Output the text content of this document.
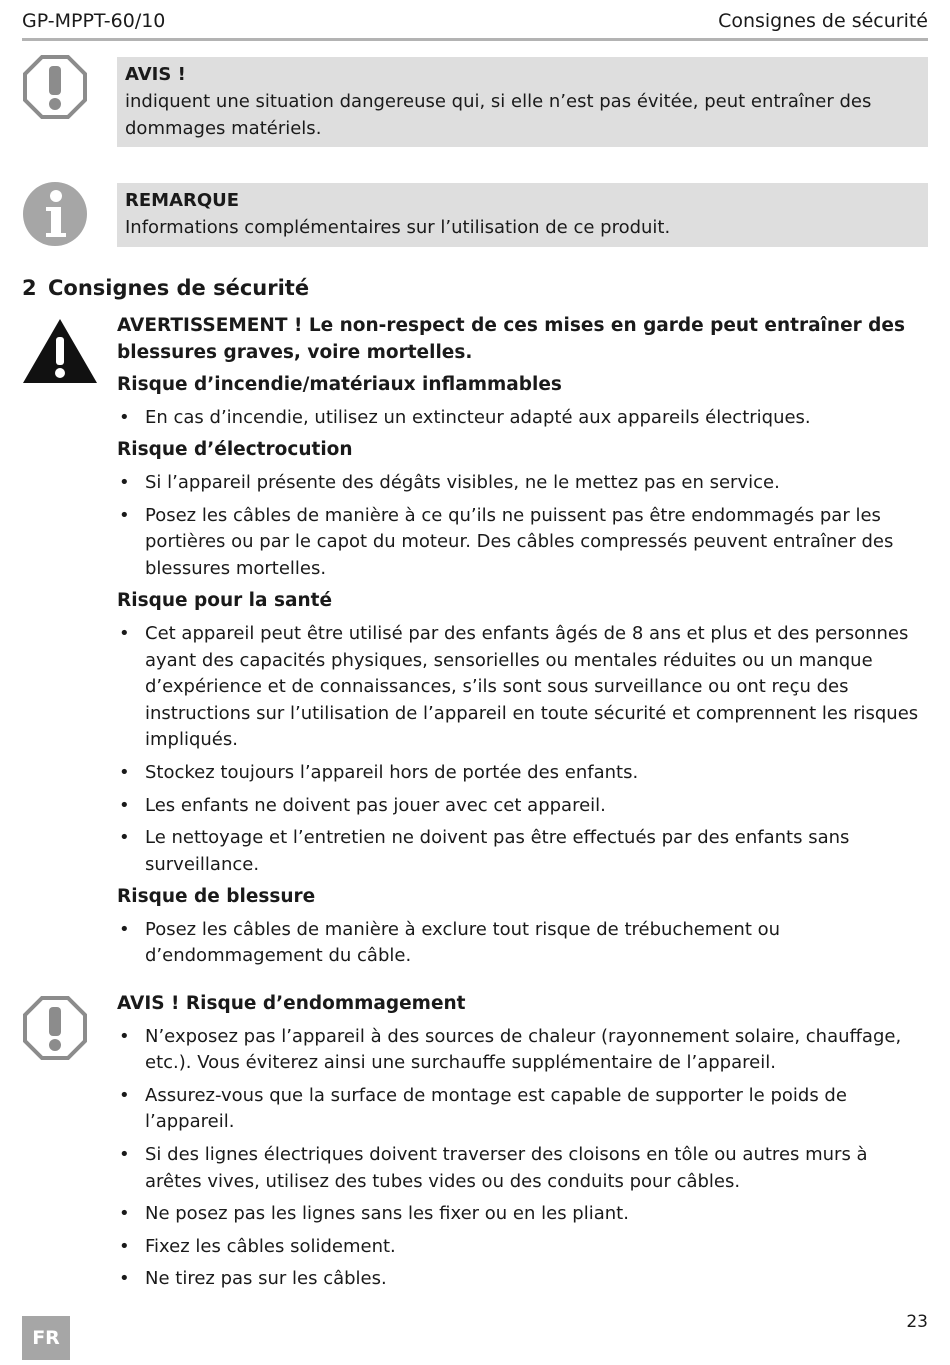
GP-MPPT-60/10	Consignes de sécurité
AVIS !
indiquent une situation dangereuse qui, si elle n’est pas évitée, peut entraîner des dommages matériels.
REMARQUE
Informations complémentaires sur l’utilisation de ce produit.
2 Consignes de sécurité
AVERTISSEMENT ! Le non-respect de ces mises en garde peut entraîner des blessures graves, voire mortelles.
Risque d’incendie/matériaux inflammables
• En cas d’incendie, utilisez un extincteur adapté aux appareils électriques.
Risque d’électrocution
• Si l’appareil présente des dégâts visibles, ne le mettez pas en service.
• Posez les câbles de manière à ce qu’ils ne puissent pas être endommagés par les portières ou par le capot du moteur. Des câbles compressés peuvent entraîner des blessures mortelles.
Risque pour la santé
• Cet appareil peut être utilisé par des enfants âgés de 8 ans et plus et des personnes ayant des capacités physiques, sensorielles ou mentales réduites ou un manque d’expérience et de connaissances, s’ils sont sous surveillance ou ont reçu des instructions sur l’utilisation de l’appareil en toute sécurité et comprennent les risques impliqués.
• Stockez toujours l’appareil hors de portée des enfants.
• Les enfants ne doivent pas jouer avec cet appareil.
• Le nettoyage et l’entretien ne doivent pas être effectués par des enfants sans surveillance.
Risque de blessure
• Posez les câbles de manière à exclure tout risque de trébuchement ou d’endommagement du câble.
AVIS ! Risque d’endommagement
• N’exposez pas l’appareil à des sources de chaleur (rayonnement solaire, chauffage, etc.). Vous éviterez ainsi une surchauffe supplémentaire de l’appareil.
• Assurez-vous que la surface de montage est capable de supporter le poids de l’appareil.
• Si des lignes électriques doivent traverser des cloisons en tôle ou autres murs à arêtes vives, utilisez des tubes vides ou des conduits pour câbles.
• Ne posez pas les lignes sans les fixer ou en les pliant.
• Fixez les câbles solidement.
• Ne tirez pas sur les câbles.
23
FR
